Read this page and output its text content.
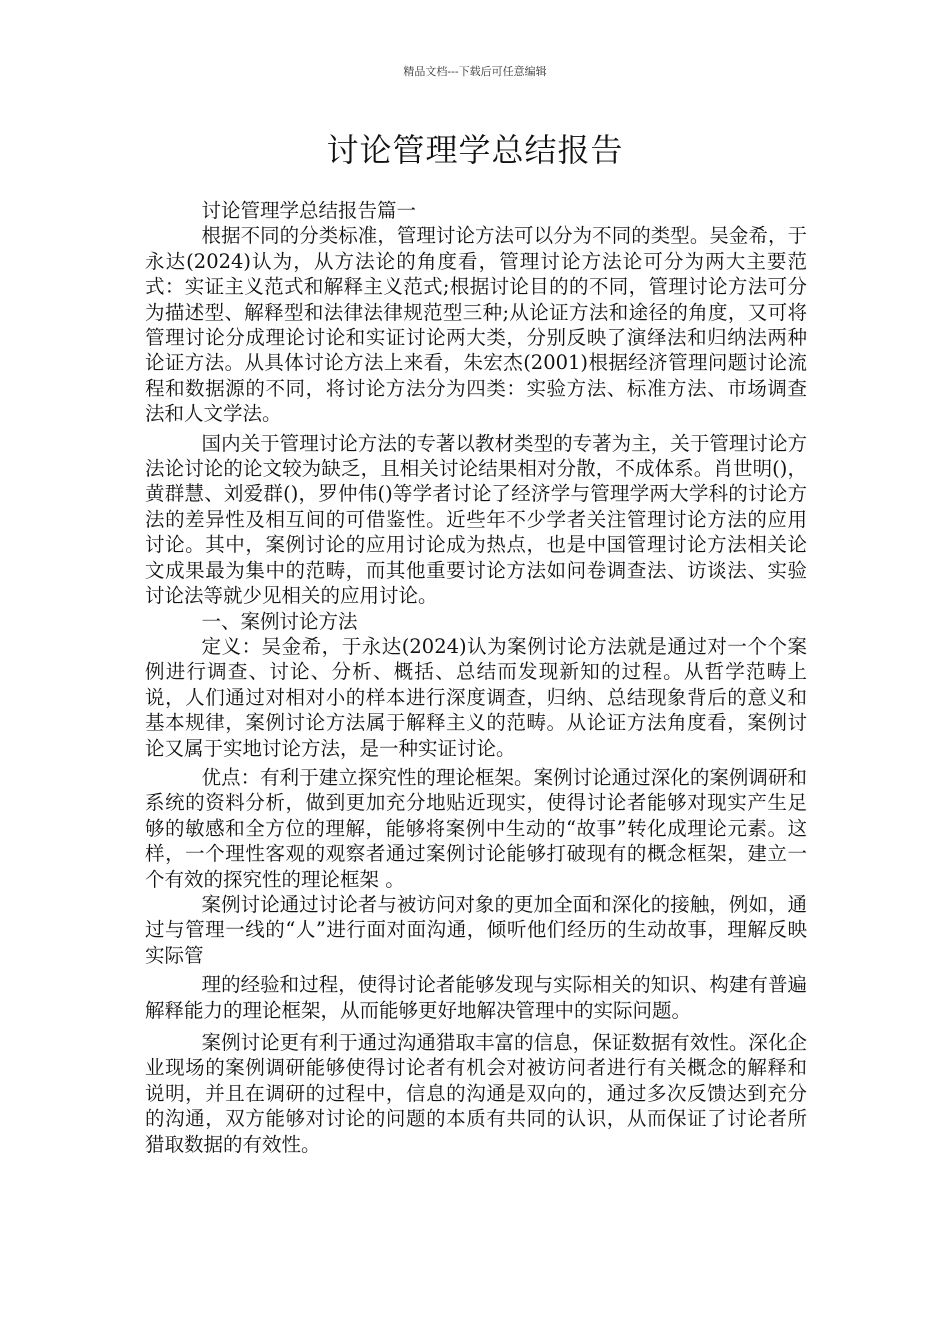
精品文档---下载后可任意编辑
讨论管理学总结报告

讨论管理学总结报告篇一

根据不同的分类标准，管理讨论方法可以分为不同的类型。吴金希，于永达(2024)认为，从方法论的角度看，管理讨论方法论可分为两大主要范式：实证主义范式和解释主义范式;根据讨论目的的不同，管理讨论方法可分为描述型、解释型和法律法律规范型三种;从论证方法和途径的角度，又可将管理讨论分成理论讨论和实证讨论两大类，分别反映了演绎法和归纳法两种论证方法。从具体讨论方法上来看，朱宏杰(2001)根据经济管理问题讨论流程和数据源的不同，将讨论方法分为四类：实验方法、标准方法、市场调查法和人文学法。

国内关于管理讨论方法的专著以教材类型的专著为主，关于管理讨论方法论讨论的论文较为缺乏，且相关讨论结果相对分散，不成体系。肖世明()，黄群慧、刘爱群()，罗仲伟()等学者讨论了经济学与管理学两大学科的讨论方法的差异性及相互间的可借鉴性。近些年不少学者关注管理讨论方法的应用讨论。其中，案例讨论的应用讨论成为热点，也是中国管理讨论方法相关论文成果最为集中的范畴，而其他重要讨论方法如问卷调查法、访谈法、实验讨论法等就少见相关的应用讨论。

一、案例讨论方法

定义：吴金希，于永达(2024)认为案例讨论方法就是通过对一个个案例进行调查、讨论、分析、概括、总结而发现新知的过程。从哲学范畴上说，人们通过对相对小的样本进行深度调查，归纳、总结现象背后的意义和基本规律，案例讨论方法属于解释主义的范畴。从论证方法角度看，案例讨论又属于实地讨论方法，是一种实证讨论。

优点：有利于建立探究性的理论框架。案例讨论通过深化的案例调研和系统的资料分析，做到更加充分地贴近现实，使得讨论者能够对现实产生足够的敏感和全方位的理解，能够将案例中生动的“故事”转化成理论元素。这样，一个理性客观的观察者通过案例讨论能够打破现有的概念框架，建立一个有效的探究性的理论框架 。

案例讨论通过讨论者与被访问对象的更加全面和深化的接触，例如，通过与管理一线的“人”进行面对面沟通，倾听他们经历的生动故事，理解反映实际管

理的经验和过程，使得讨论者能够发现与实际相关的知识、构建有普遍解释能力的理论框架，从而能够更好地解决管理中的实际问题。

案例讨论更有利于通过沟通猎取丰富的信息，保证数据有效性。深化企业现场的案例调研能够使得讨论者有机会对被访问者进行有关概念的解释和说明，并且在调研的过程中，信息的沟通是双向的，通过多次反馈达到充分的沟通，双方能够对讨论的问题的本质有共同的认识，从而保证了讨论者所猎取数据的有效性。
